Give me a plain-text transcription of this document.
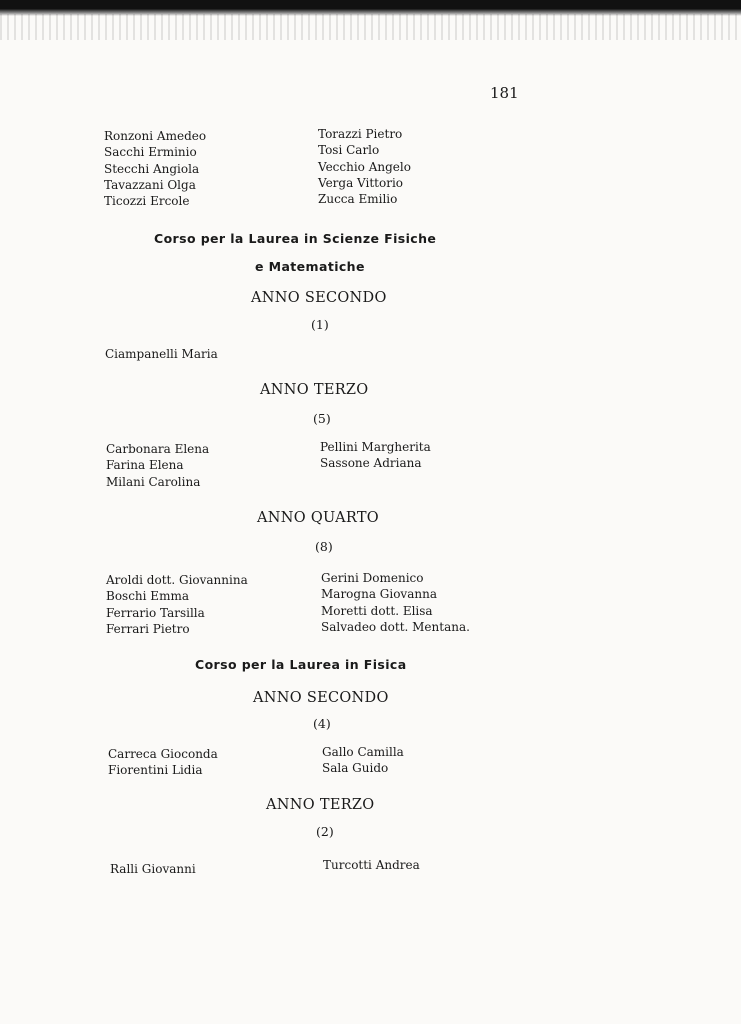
181
Ronzoni Amedeo
Sacchi Erminio
Stecchi Angiola
Tavazzani Olga
Ticozzi Ercole
Torazzi Pietro
Tosi Carlo
Vecchio Angelo
Verga Vittorio
Zucca Emilio
Corso per la Laurea in Scienze Fisiche
e Matematiche
ANNO SECONDO
(1)
Ciampanelli Maria
ANNO TERZO
(5)
Carbonara Elena
Farina Elena
Milani Carolina
Pellini Margherita
Sassone Adriana
ANNO QUARTO
(8)
Aroldi dott. Giovannina
Boschi Emma
Ferrario Tarsilla
Ferrari Pietro
Gerini Domenico
Marogna Giovanna
Moretti dott. Elisa
Salvadeo dott. Mentana.
Corso per la Laurea in Fisica
ANNO SECONDO
(4)
Carreca Gioconda
Fiorentini Lidia
Gallo Camilla
Sala Guido
ANNO TERZO
(2)
Ralli Giovanni	Turcotti Andrea
